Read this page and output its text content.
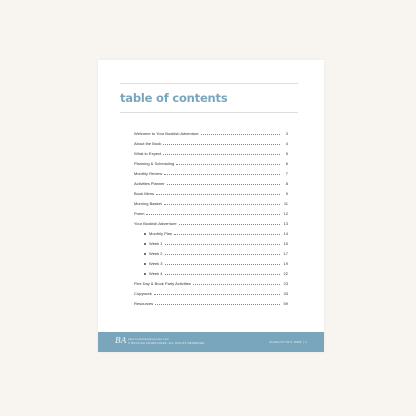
table of contents
Welcome to Your Bookish Adventure	3
About the Book	4
What to Expect	5
Planning & Scheduling	6
Monthly Review	7
Activities Planner	8
Book Menu	9
Morning Basket	11
Poem	12
Your Bookish Adventure	13
Monthly Plan	14
Week 1	15
Week 2	17
Week 3	19
Week 4	22
Flex Day & Book Party Activities	23
Copywork	33
Resources	59
BA www.bookishadventures.com
© BOOKISH ADVENTURES. ALL RIGHTS RESERVED.	CHARLOTTE'S WEB | 2
